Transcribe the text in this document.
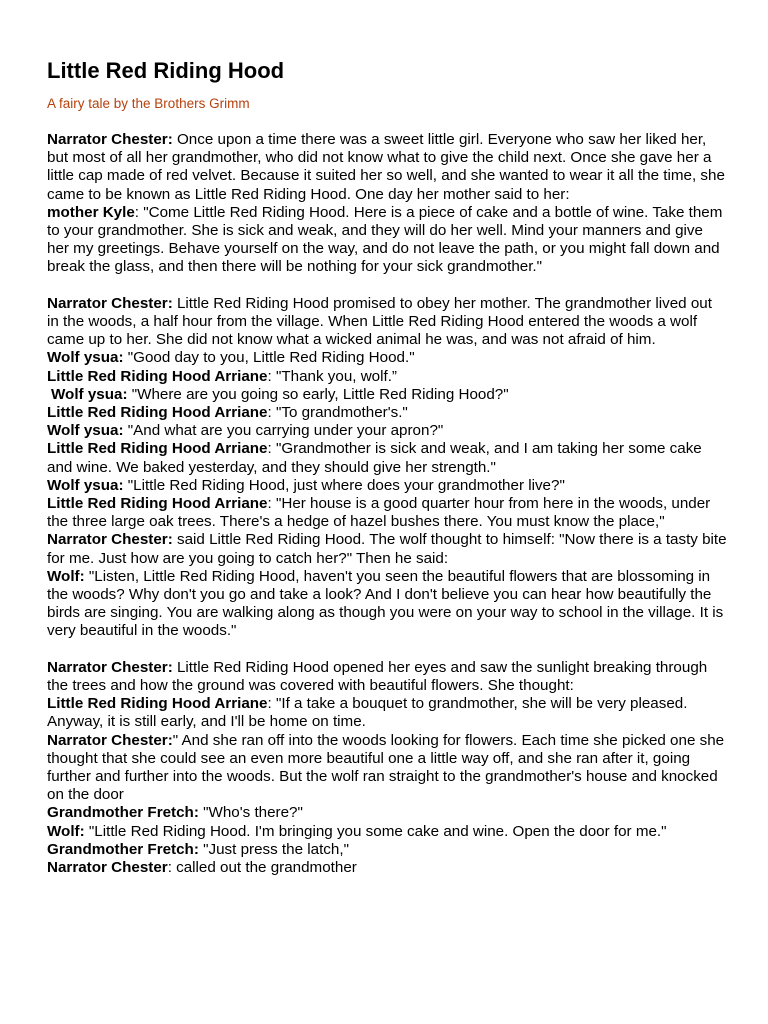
Little Red Riding Hood

A fairy tale by the Brothers Grimm

Narrator Chester: Once upon a time there was a sweet little girl. Everyone who saw her liked her, but most of all her grandmother, who did not know what to give the child next. Once she gave her a little cap made of red velvet. Because it suited her so well, and she wanted to wear it all the time, she came to be known as Little Red Riding Hood. One day her mother said to her:

mother Kyle: "Come Little Red Riding Hood. Here is a piece of cake and a bottle of wine. Take them to your grandmother. She is sick and weak, and they will do her well. Mind your manners and give her my greetings. Behave yourself on the way, and do not leave the path, or you might fall down and break the glass, and then there will be nothing for your sick grandmother."

Narrator Chester: Little Red Riding Hood promised to obey her mother. The grandmother lived out in the woods, a half hour from the village. When Little Red Riding Hood entered the woods a wolf came up to her. She did not know what a wicked animal he was, and was not afraid of him.

Wolf ysua: "Good day to you, Little Red Riding Hood."

Little Red Riding Hood Arriane: "Thank you, wolf.”

Wolf ysua: "Where are you going so early, Little Red Riding Hood?"

Little Red Riding Hood Arriane: "To grandmother's."

Wolf ysua: "And what are you carrying under your apron?"

Little Red Riding Hood Arriane: "Grandmother is sick and weak, and I am taking her some cake and wine. We baked yesterday, and they should give her strength."

Wolf ysua: "Little Red Riding Hood, just where does your grandmother live?"

Little Red Riding Hood Arriane: "Her house is a good quarter hour from here in the woods, under the three large oak trees. There's a hedge of hazel bushes there. You must know the place,"

Narrator Chester: said Little Red Riding Hood. The wolf thought to himself: "Now there is a tasty bite for me. Just how are you going to catch her?" Then he said:

Wolf: "Listen, Little Red Riding Hood, haven't you seen the beautiful flowers that are blossoming in the woods? Why don't you go and take a look? And I don't believe you can hear how beautifully the birds are singing. You are walking along as though you were on your way to school in the village. It is very beautiful in the woods."

Narrator Chester: Little Red Riding Hood opened her eyes and saw the sunlight breaking through the trees and how the ground was covered with beautiful flowers. She thought:

Little Red Riding Hood Arriane: "If a take a bouquet to grandmother, she will be very pleased. Anyway, it is still early, and I'll be home on time.

Narrator Chester:" And she ran off into the woods looking for flowers. Each time she picked one she thought that she could see an even more beautiful one a little way off, and she ran after it, going further and further into the woods. But the wolf ran straight to the grandmother's house and knocked on the door

Grandmother Fretch: "Who's there?"

Wolf: "Little Red Riding Hood. I'm bringing you some cake and wine. Open the door for me."

Grandmother Fretch: "Just press the latch,"

Narrator Chester: called out the grandmother
